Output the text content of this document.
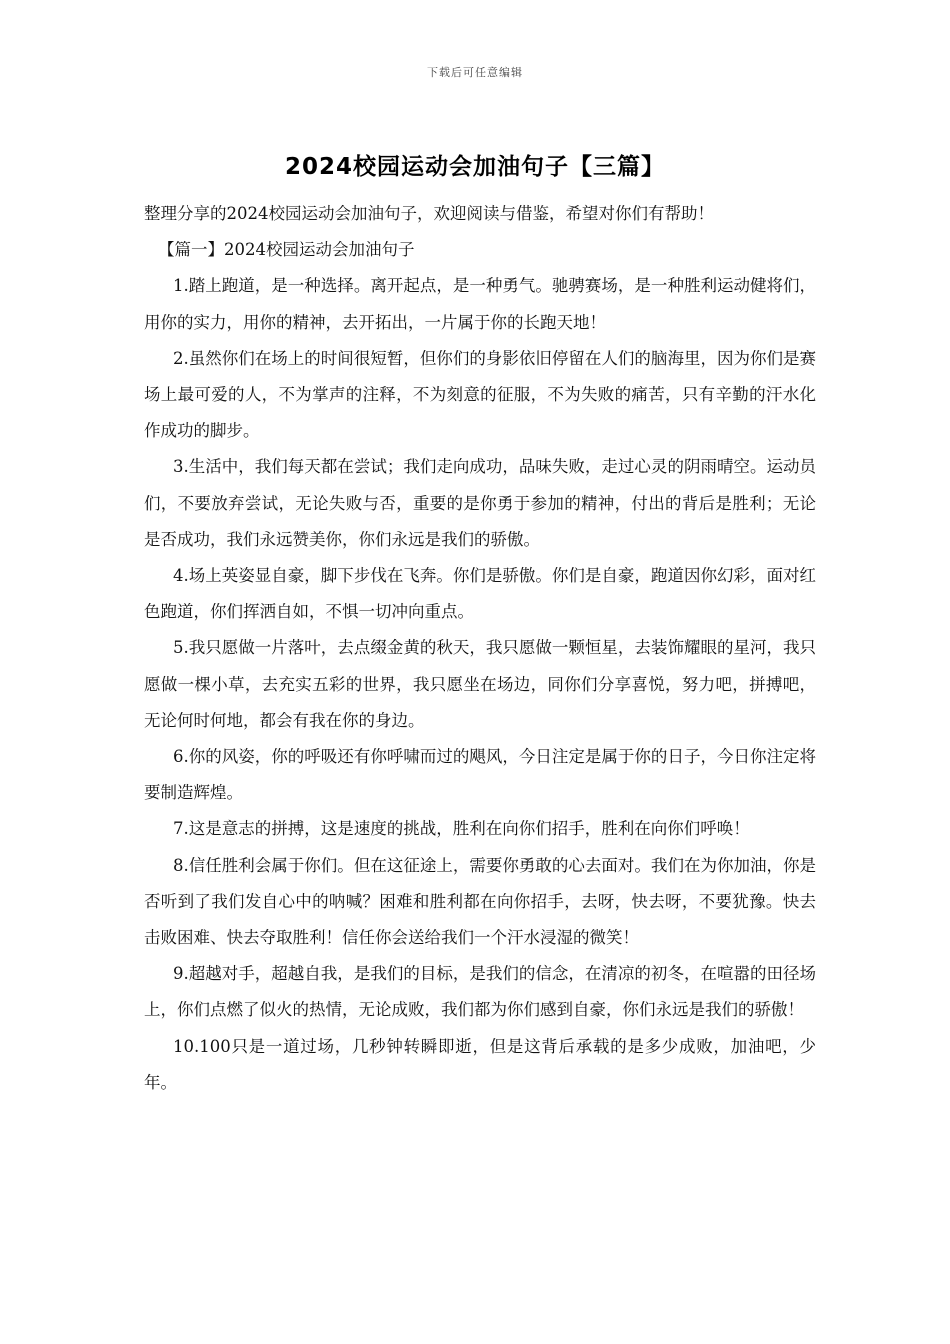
下载后可任意编辑
2024校园运动会加油句子【三篇】

整理分享的2024校园运动会加油句子，欢迎阅读与借鉴，希望对你们有帮助！

【篇一】2024校园运动会加油句子

1.踏上跑道，是一种选择。离开起点，是一种勇气。驰骋赛场，是一种胜利运动健将们，用你的实力，用你的精神，去开拓出，一片属于你的长跑天地！

2.虽然你们在场上的时间很短暂，但你们的身影依旧停留在人们的脑海里，因为你们是赛场上最可爱的人，不为掌声的注释，不为刻意的征服，不为失败的痛苦，只有辛勤的汗水化作成功的脚步。

3.生活中，我们每天都在尝试；我们走向成功，品味失败，走过心灵的阴雨晴空。运动员们，不要放弃尝试，无论失败与否，重要的是你勇于参加的精神，付出的背后是胜利；无论是否成功，我们永远赞美你，你们永远是我们的骄傲。

4.场上英姿显自豪，脚下步伐在飞奔。你们是骄傲。你们是自豪，跑道因你幻彩，面对红色跑道，你们挥洒自如，不惧一切冲向重点。

5.我只愿做一片落叶，去点缀金黄的秋天，我只愿做一颗恒星，去装饰耀眼的星河，我只愿做一棵小草，去充实五彩的世界，我只愿坐在场边，同你们分享喜悦，努力吧，拼搏吧，无论何时何地，都会有我在你的身边。

6.你的风姿，你的呼吸还有你呼啸而过的飓风，今日注定是属于你的日子，今日你注定将要制造辉煌。

7.这是意志的拼搏，这是速度的挑战，胜利在向你们招手，胜利在向你们呼唤！

8.信任胜利会属于你们。但在这征途上，需要你勇敢的心去面对。我们在为你加油，你是否听到了我们发自心中的呐喊？困难和胜利都在向你招手，去呀，快去呀，不要犹豫。快去击败困难、快去夺取胜利！信任你会送给我们一个汗水浸湿的微笑！

9.超越对手，超越自我，是我们的目标，是我们的信念，在清凉的初冬，在喧嚣的田径场上，你们点燃了似火的热情，无论成败，我们都为你们感到自豪，你们永远是我们的骄傲！

10.100只是一道过场，几秒钟转瞬即逝，但是这背后承载的是多少成败，加油吧，少年。
